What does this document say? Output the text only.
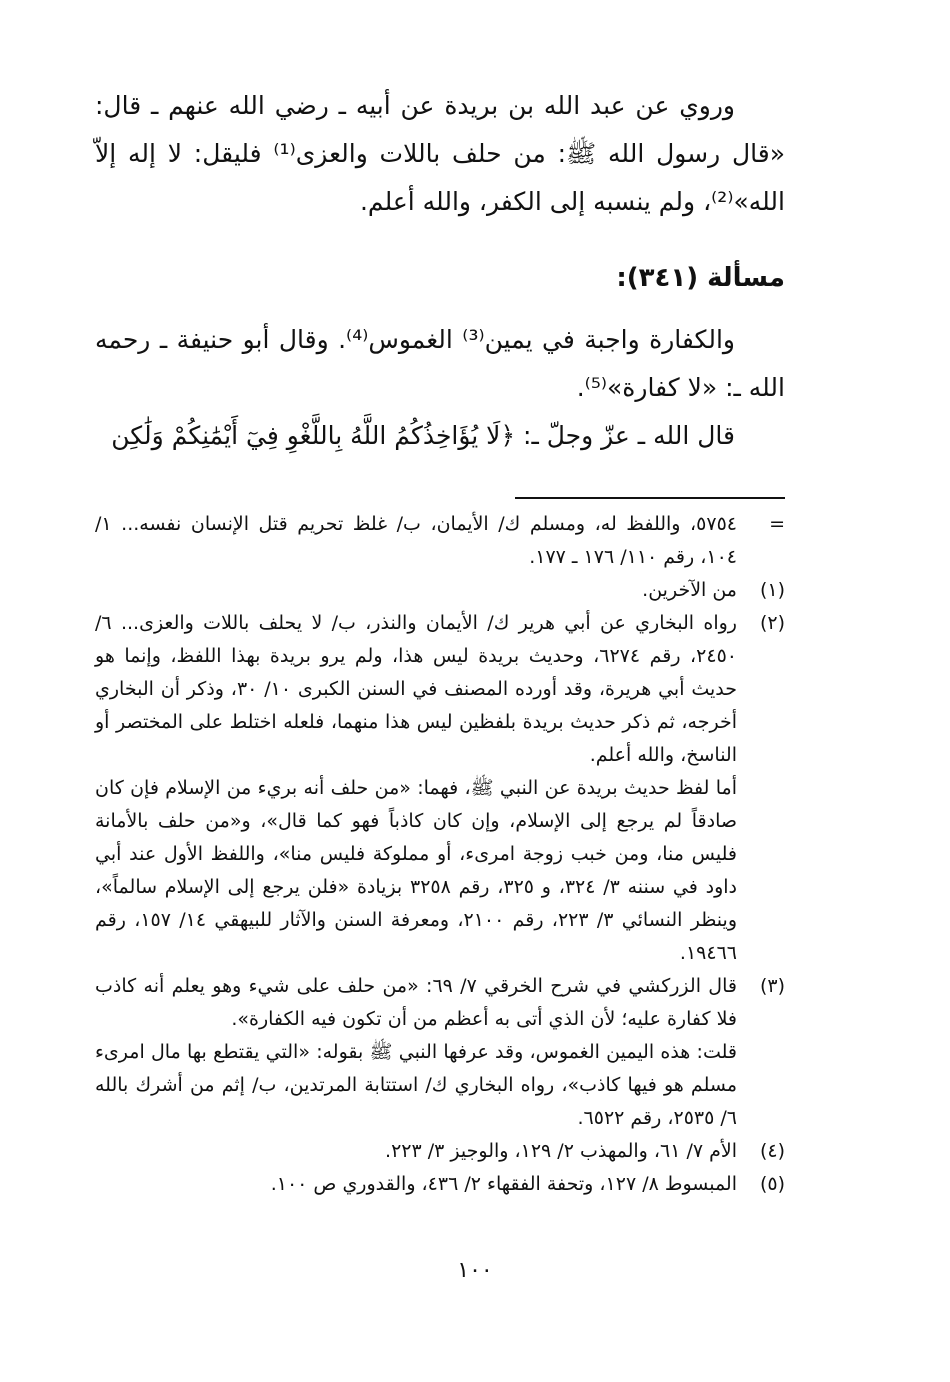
وروي عن عبد الله بن بريدة عن أبيه ـ رضي الله عنهم ـ قال: «قال رسول الله ﷺ: من حلف باللات والعزى⁽¹⁾ فليقل: لا إله إلاّ الله»⁽²⁾، ولم ينسبه إلى الكفر، والله أعلم.

مسألة (٣٤١):

والكفارة واجبة في يمين⁽³⁾ الغموس⁽⁴⁾. وقال أبو حنيفة ـ رحمه الله ـ: «لا كفارة»⁽⁵⁾.

قال الله ـ عزّ وجلّ ـ: ﴿لَا يُؤَاخِذُكُمُ اللَّهُ بِاللَّغْوِ فِيٓ أَيْمَٰنِكُمْ وَلَٰكِن

=
٥٧٥٤، واللفظ له، ومسلم ك/ الأيمان، ب/ غلظ تحريم قتل الإنسان نفسه... ١/ ١٠٤، رقم ١١٠/ ١٧٦ ـ ١٧٧.
(١)
من الآخرين.
(٢)
رواه البخاري عن أبي هرير ك/ الأيمان والنذر، ب/ لا يحلف باللات والعزى... ٦/ ٢٤٥٠، رقم ٦٢٧٤، وحديث بريدة ليس هذا، ولم يرو بريدة بهذا اللفظ، وإنما هو حديث أبي هريرة، وقد أورده المصنف في السنن الكبرى ١٠/ ٣٠، وذكر أن البخاري أخرجه، ثم ذكر حديث بريدة بلفظين ليس هذا منهما، فلعله اختلط على المختصر أو الناسخ، والله أعلم.
أما لفظ حديث بريدة عن النبي ﷺ، فهما: «من حلف أنه بريء من الإسلام فإن كان صادقاً لم يرجع إلى الإسلام، وإن كان كاذباً فهو كما قال»، و«من حلف بالأمانة فليس منا، ومن خبب زوجة امرىء، أو مملوكة فليس منا»، واللفظ الأول عند أبي داود في سننه ٣/ ٣٢٤، و ٣٢٥، رقم ٣٢٥٨ بزيادة «فلن يرجع إلى الإسلام سالماً»، وينظر النسائي ٣/ ٢٢٣، رقم ٢١٠٠، ومعرفة السنن والآثار للبيهقي ١٤/ ١٥٧، رقم ١٩٤٦٦.
(٣)
قال الزركشي في شرح الخرقي ٧/ ٦٩: «من حلف على شيء وهو يعلم أنه كاذب فلا كفارة عليه؛ لأن الذي أتى به أعظم من أن تكون فيه الكفارة».
قلت: هذه اليمين الغموس، وقد عرفها النبي ﷺ بقوله: «التي يقتطع بها مال امرىء مسلم هو فيها كاذب»، رواه البخاري ك/ استتابة المرتدين، ب/ إثم من أشرك بالله ٦/ ٢٥٣٥، رقم ٦٥٢٢.
(٤)
الأم ٧/ ٦١، والمهذب ٢/ ١٢٩، والوجيز ٣/ ٢٢٣.
(٥)
المبسوط ٨/ ١٢٧، وتحفة الفقهاء ٢/ ٤٣٦، والقدوري ص ١٠٠.
١٠٠
